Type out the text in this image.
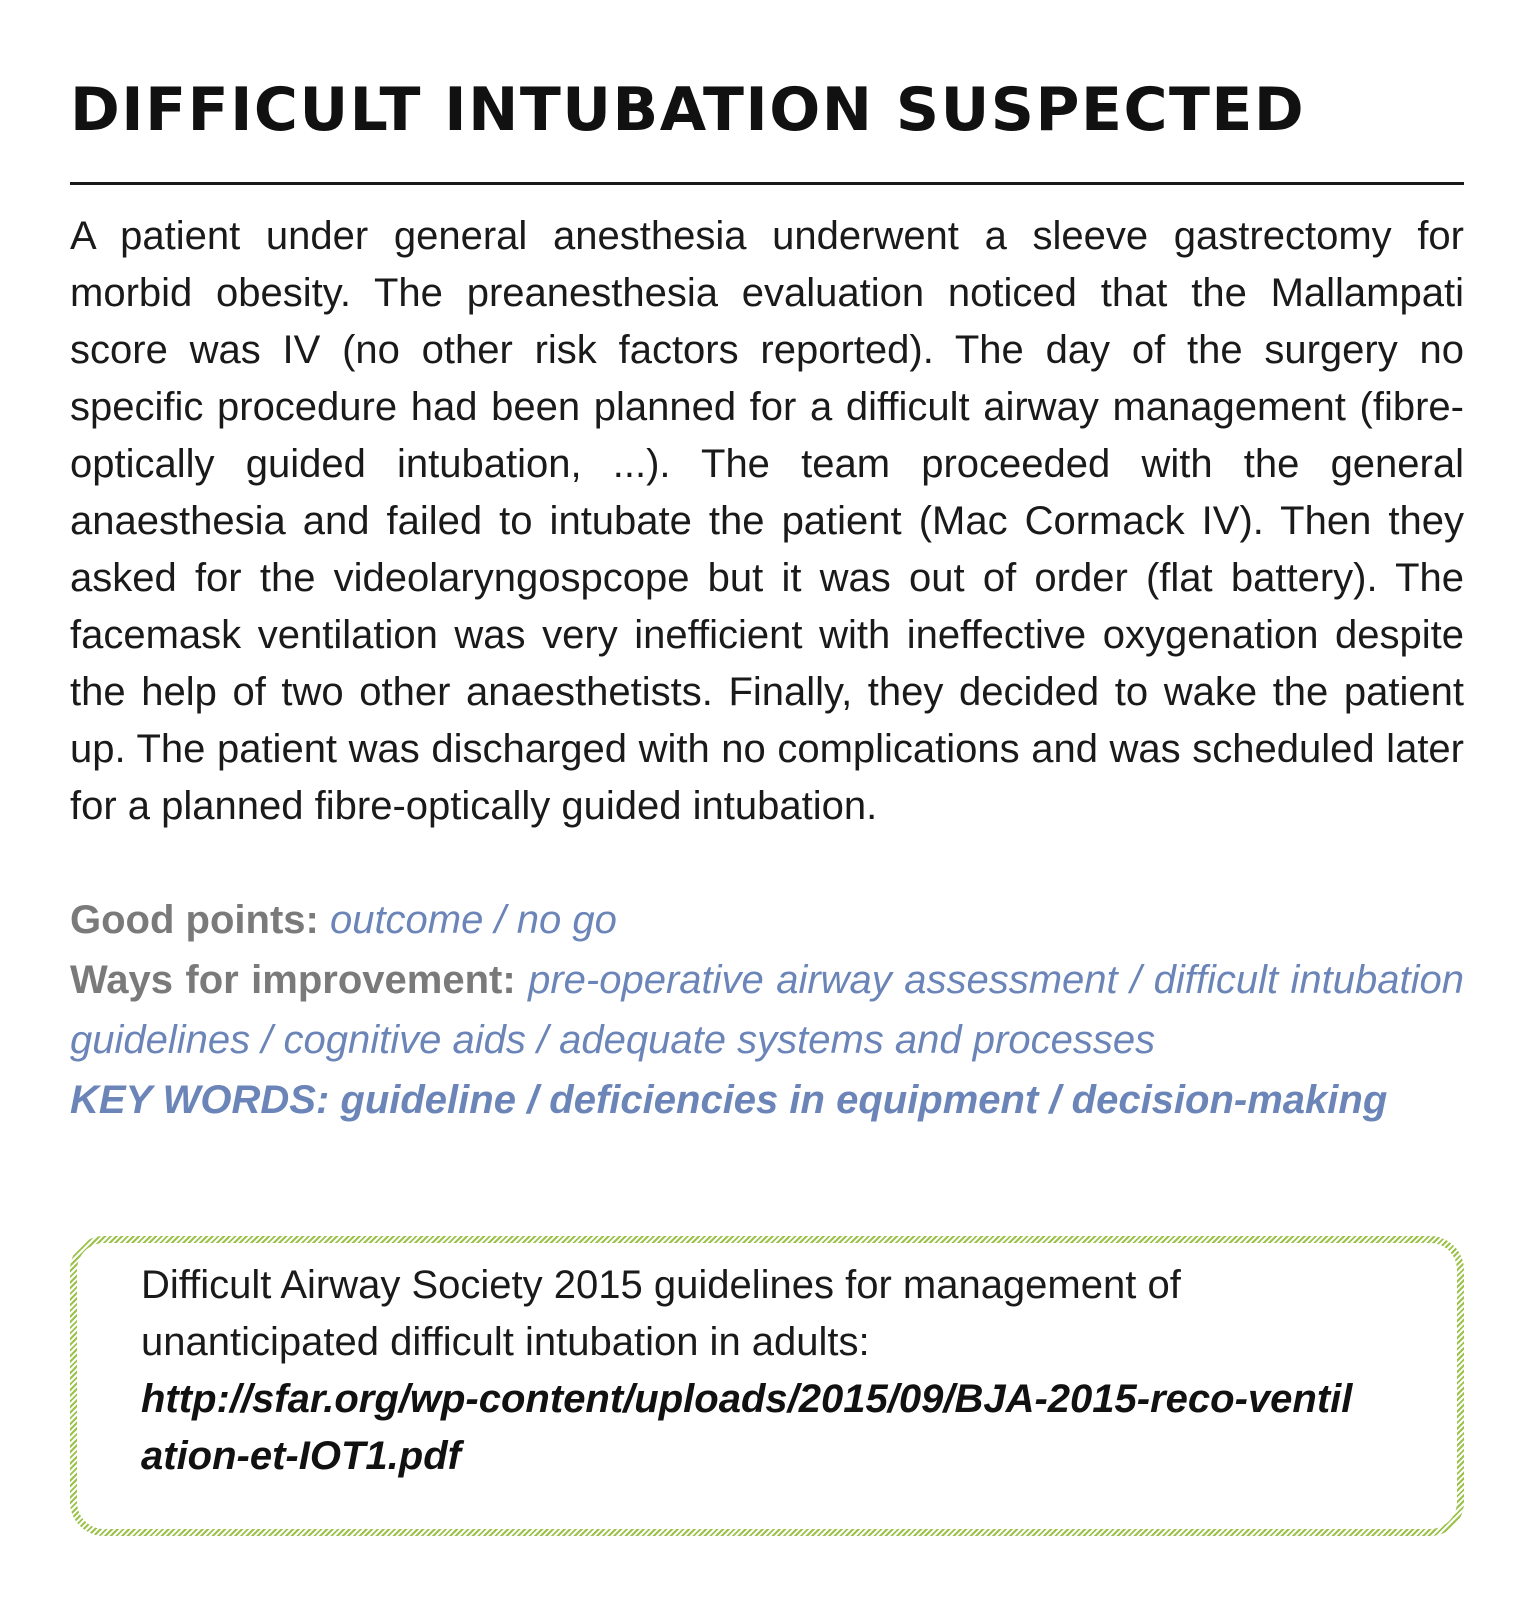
DIFFICULT INTUBATION SUSPECTED

A patient under general anesthesia underwent a sleeve gastrectomy for morbid obesity. The preanesthesia evaluation noticed that the Mallampati score was IV (no other risk factors reported). The day of the surgery no specific procedure had been planned for a difficult airway management (fibre-optically guided intubation, ...). The team proceeded with the general anaesthesia and failed to intubate the patient (Mac Cormack IV). Then they asked for the videolaryngospcope but it was out of order (flat battery). The facemask ventilation was very inefficient with ineffective oxygenation despite the help of two other anaesthetists. Finally, they decided to wake the patient up. The patient was discharged with no complications and was scheduled later for a planned fibre-optically guided intubation.

Good points: outcome / no go

Ways for improvement: pre-operative airway assessment / difficult intubation guidelines / cognitive aids / adequate systems and processes

KEY WORDS: guideline / deficiencies in equipment / decision-making

Difficult Airway Society 2015 guidelines for management of unanticipated difficult intubation in adults:

http://sfar.org/wp-content/uploads/2015/09/BJA-2015-reco-ventilation-et-IOT1.pdf
